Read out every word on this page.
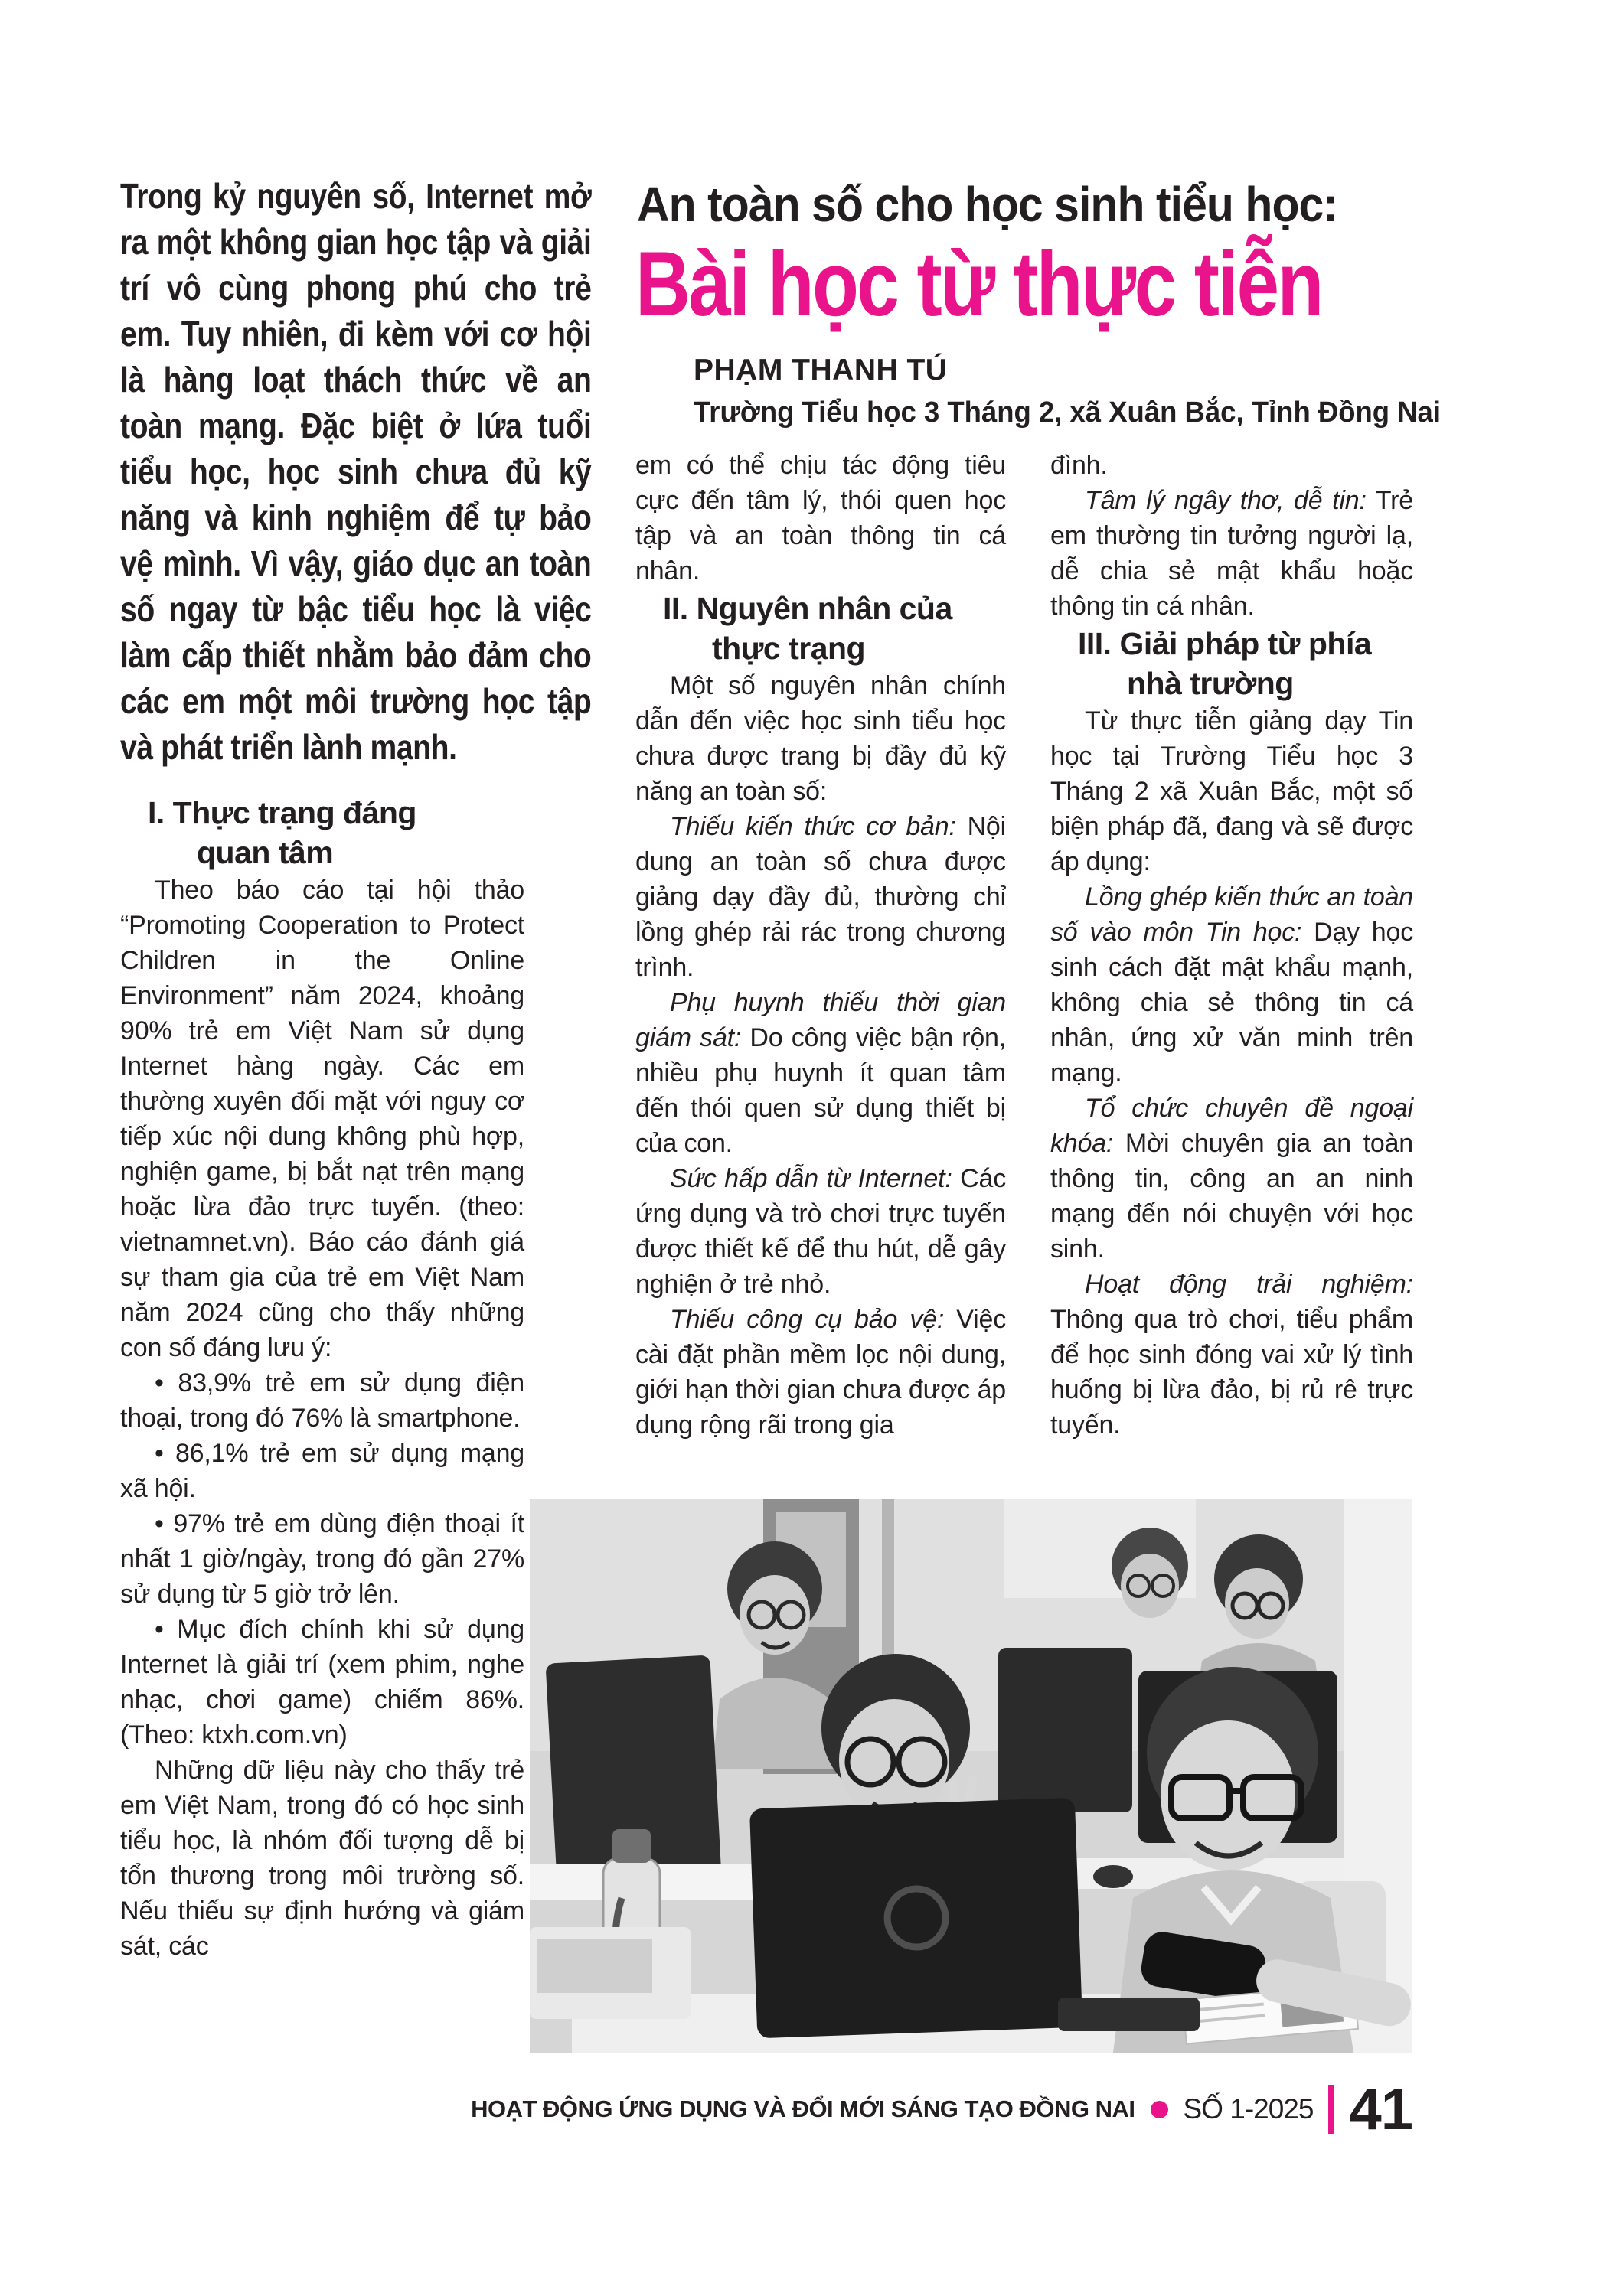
Trong kỷ nguyên số, Internet mở ra một không gian học tập và giải trí vô cùng phong phú cho trẻ em. Tuy nhiên, đi kèm với cơ hội là hàng loạt thách thức về an toàn mạng. Đặc biệt ở lứa tuổi tiểu học, học sinh chưa đủ kỹ năng và kinh nghiệm để tự bảo vệ mình. Vì vậy, giáo dục an toàn số ngay từ bậc tiểu học là việc làm cấp thiết nhằm bảo đảm cho các em một môi trường học tập và phát triển lành mạnh.
An toàn số cho học sinh tiểu học:
Bài học từ thực tiễn
PHẠM THANH TÚ
Trường Tiểu học 3 Tháng 2, xã Xuân Bắc, Tỉnh Đồng Nai

I. Thực trạng đáng
quan tâm

Theo báo cáo tại hội thảo “Promoting Cooperation to Protect Children in the Online Environment” năm 2024, khoảng 90% trẻ em Việt Nam sử dụng Internet hàng ngày. Các em thường xuyên đối mặt với nguy cơ tiếp xúc nội dung không phù hợp, nghiện game, bị bắt nạt trên mạng hoặc lừa đảo trực tuyến. (theo: vietnamnet.vn). Báo cáo đánh giá sự tham gia của trẻ em Việt Nam năm 2024 cũng cho thấy những con số đáng lưu ý:

• 83,9% trẻ em sử dụng điện thoại, trong đó 76% là smartphone.

• 86,1% trẻ em sử dụng mạng xã hội.

• 97% trẻ em dùng điện thoại ít nhất 1 giờ/ngày, trong đó gần 27% sử dụng từ 5 giờ trở lên.

• Mục đích chính khi sử dụng Internet là giải trí (xem phim, nghe nhạc, chơi game) chiếm 86%. (Theo: ktxh.com.vn)

Những dữ liệu này cho thấy trẻ em Việt Nam, trong đó có học sinh tiểu học, là nhóm đối tượng dễ bị tổn thương trong môi trường số. Nếu thiếu sự định hướng và giám sát, các

em có thể chịu tác động tiêu cực đến tâm lý, thói quen học tập và an toàn thông tin cá nhân.

II. Nguyên nhân của
thực trạng

Một số nguyên nhân chính dẫn đến việc học sinh tiểu học chưa được trang bị đầy đủ kỹ năng an toàn số:

Thiếu kiến thức cơ bản: Nội dung an toàn số chưa được giảng dạy đầy đủ, thường chỉ lồng ghép rải rác trong chương trình.

Phụ huynh thiếu thời gian giám sát: Do công việc bận rộn, nhiều phụ huynh ít quan tâm đến thói quen sử dụng thiết bị của con.

Sức hấp dẫn từ Internet: Các ứng dụng và trò chơi trực tuyến được thiết kế để thu hút, dễ gây nghiện ở trẻ nhỏ.

Thiếu công cụ bảo vệ: Việc cài đặt phần mềm lọc nội dung, giới hạn thời gian chưa được áp dụng rộng rãi trong gia

đình.

Tâm lý ngây thơ, dễ tin: Trẻ em thường tin tưởng người lạ, dễ chia sẻ mật khẩu hoặc thông tin cá nhân.

III. Giải pháp từ phía
nhà trường

Từ thực tiễn giảng dạy Tin học tại Trường Tiểu học 3 Tháng 2 xã Xuân Bắc, một số biện pháp đã, đang và sẽ được áp dụng:

Lồng ghép kiến thức an toàn số vào môn Tin học: Dạy học sinh cách đặt mật khẩu mạnh, không chia sẻ thông tin cá nhân, ứng xử văn minh trên mạng.

Tổ chức chuyên đề ngoại khóa: Mời chuyên gia an toàn thông tin, công an an ninh mạng đến nói chuyện với học sinh.

Hoạt động trải nghiệm: Thông qua trò chơi, tiểu phẩm để học sinh đóng vai xử lý tình huống bị lừa đảo, bị rủ rê trực tuyến.

HOẠT ĐỘNG ỨNG DỤNG VÀ ĐỔI MỚI SÁNG TẠO ĐỒNG NAI SỐ 1-2025 41
